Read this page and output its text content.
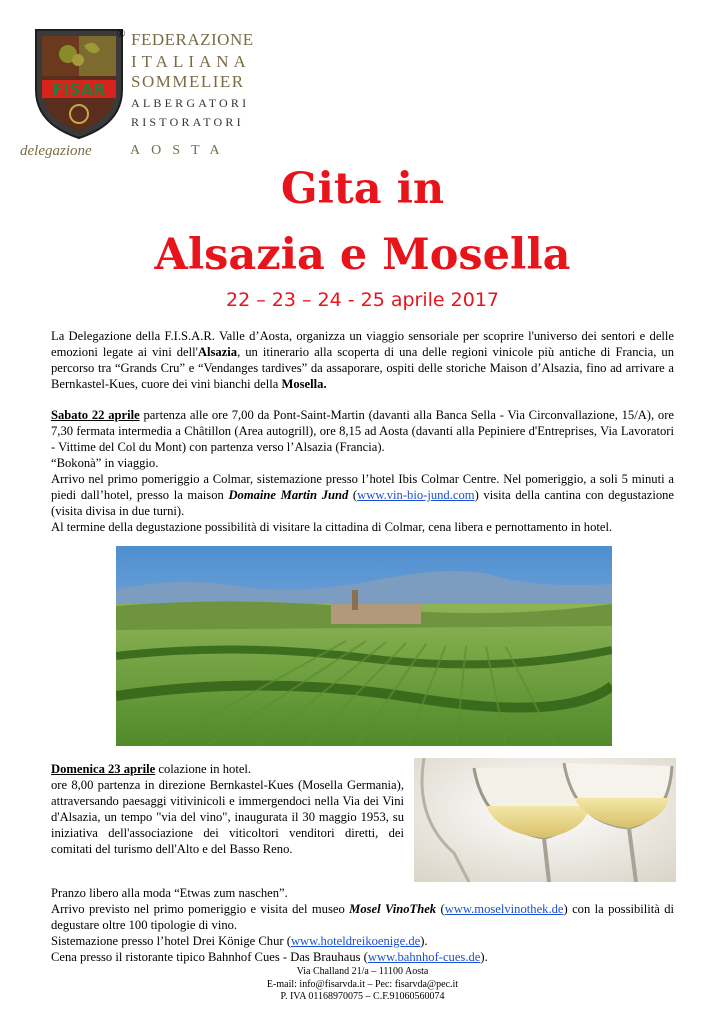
FISAR
® FEDERAZIONE
ITALIANA
SOMMELIER
ALBERGATORI
RISTORATORI
delegazione	AOSTA
Gita in
Alsazia e Mosella
22 – 23 – 24 - 25 aprile 2017
La Delegazione della F.I.S.A.R. Valle d’Aosta, organizza un viaggio sensoriale per scoprire l'universo dei sentori e delle emozioni legate ai vini dell'Alsazia, un itinerario alla scoperta di una delle regioni vinicole più antiche di Francia, un percorso tra “Grands Cru” e “Vendanges tardives” da assaporare, ospiti delle storiche Maison d’Alsazia, fino ad arrivare a Bernkastel-Kues, cuore dei vini bianchi della Mosella.
Sabato 22 aprile partenza alle ore 7,00 da Pont-Saint-Martin (davanti alla Banca Sella - Via Circonvallazione, 15/A), ore 7,30 fermata intermedia a Châtillon (Area autogrill), ore 8,15 ad Aosta (davanti alla Pepiniere d'Entreprises, Via Lavoratori - Vittime del Col du Mont) con partenza verso l’Alsazia (Francia).
“Bokonà” in viaggio.
Arrivo nel primo pomeriggio a Colmar, sistemazione presso l’hotel Ibis Colmar Centre. Nel pomeriggio, a soli 5 minuti a piedi dall’hotel, presso la maison Domaine Martin Jund (www.vin-bio-jund.com) visita della cantina con degustazione (visita divisa in due turni).
Al termine della degustazione possibilità di visitare la cittadina di Colmar, cena libera e pernottamento in hotel.
Domenica 23 aprile colazione in hotel.
ore 8,00 partenza in direzione Bernkastel-Kues (Mosella Germania), attraversando paesaggi vitivinicoli e immergendoci nella Via dei Vini d'Alsazia, un tempo "via del vino", inaugurata il 30 maggio 1953, su iniziativa dell'associazione dei viticoltori venditori diretti, dei comitati del turismo dell'Alto e del Basso Reno.
Pranzo libero alla moda “Etwas zum naschen”.
Arrivo previsto nel primo pomeriggio e visita del museo Mosel VinoThek (www.moselvinothek.de) con la possibilità di degustare oltre 100 tipologie di vino.
Sistemazione presso l’hotel Drei Könige Chur (www.hoteldreikoenige.de).
Cena presso il ristorante tipico Bahnhof Cues - Das Brauhaus (www.bahnhof-cues.de).
Via Challand 21/a – 11100 Aosta
E-mail: info@fisarvda.it – Pec: fisarvda@pec.it
P. IVA 01168970075 – C.F.91060560074
